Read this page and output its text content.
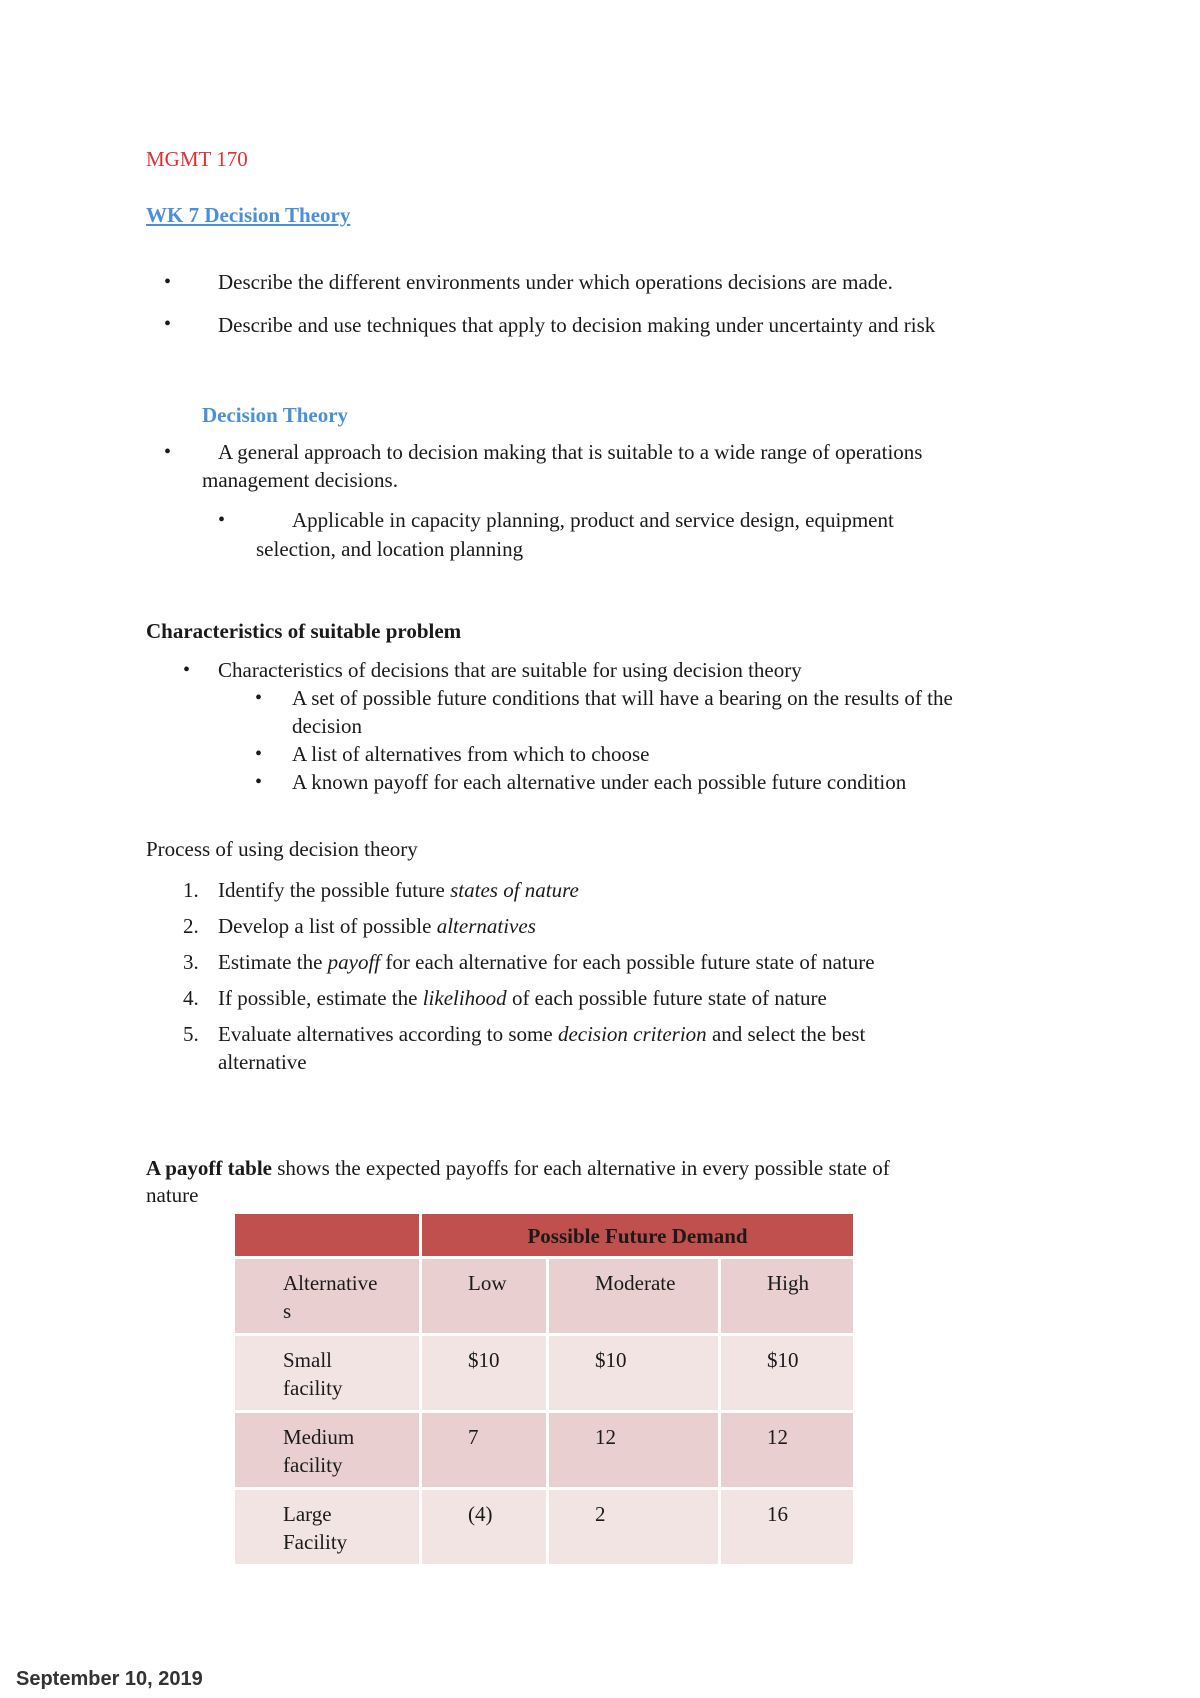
MGMT 170
WK 7 Decision Theory
• Describe the different environments under which operations decisions are made.
• Describe and use techniques that apply to decision making under uncertainty and risk
Decision Theory
• A general approach to decision making that is suitable to a wide range of operations
management decisions.
•	Applicable in capacity planning, product and service design, equipment
selection, and location planning
Characteristics of suitable problem
• Characteristics of decisions that are suitable for using decision theory
• A set of possible future conditions that will have a bearing on the results of the
decision
• A list of alternatives from which to choose
• A known payoff for each alternative under each possible future condition
Process of using decision theory
1. Identify the possible future states of nature
2. Develop a list of possible alternatives
3. Estimate the payoff for each alternative for each possible future state of nature
4. If possible, estimate the likelihood of each possible future state of nature
5. Evaluate alternatives according to some decision criterion and select the best
alternative
A payoff table shows the expected payoffs for each alternative in every possible state of
nature
	Possible Future Demand		
Alternative
s	Low	Moderate	High
Small
facility	$10	$10	$10
Medium
facility	7	12	12
Large
Facility	(4)	2	16
September 10, 2019
